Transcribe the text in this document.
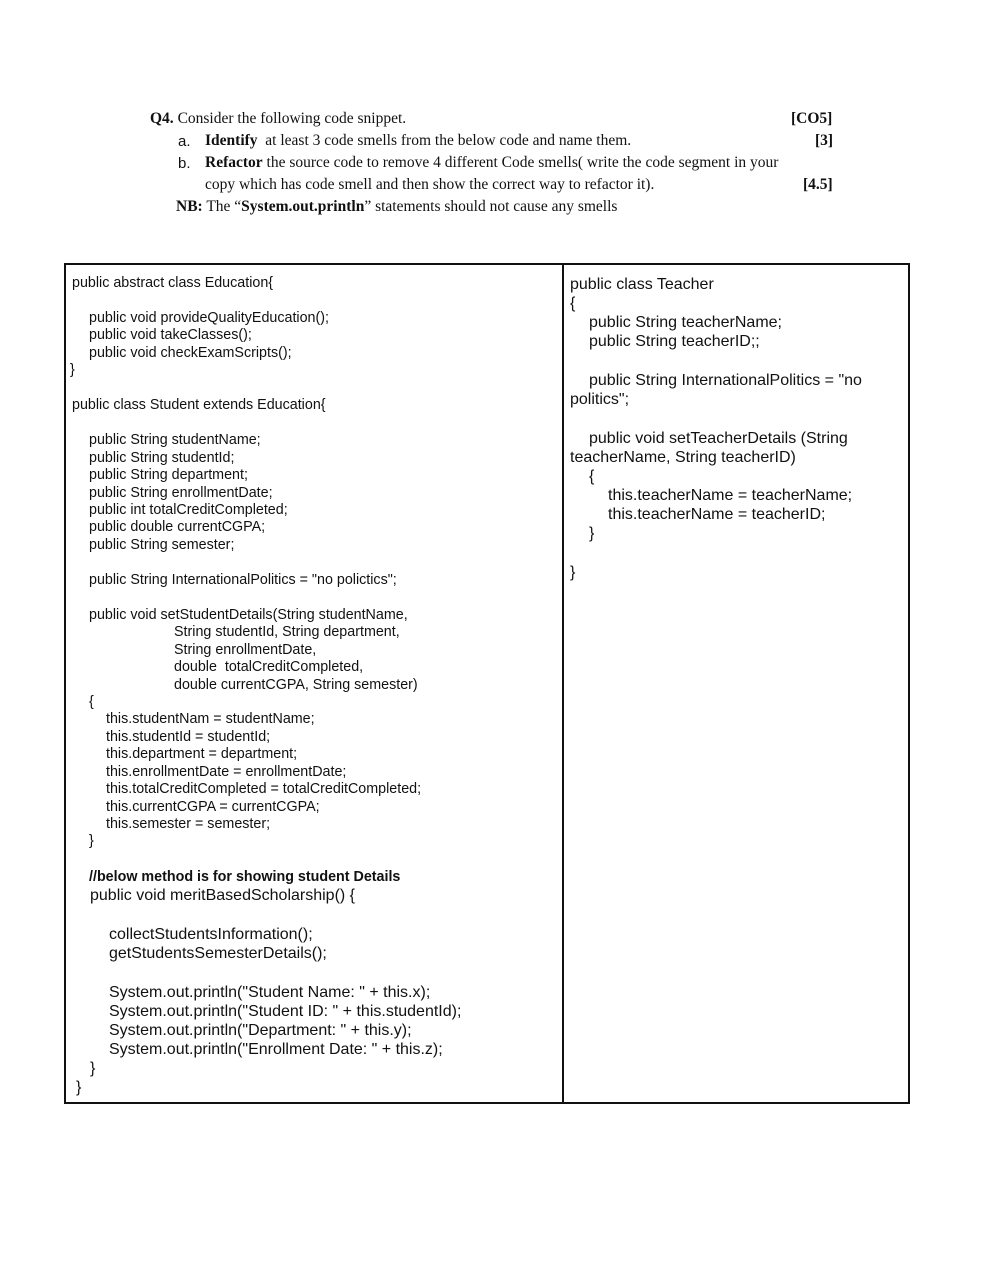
Q4. Consider the following code snippet.	[CO5]
a. Identify at least 3 code smells from the below code and name them.	[3]
b. Refactor the source code to remove 4 different Code smells( write the code segment in your
copy which has code smell and then show the correct way to refactor it).	[4.5]
NB: The “System.out.println” statements should not cause any smells
public abstract class Education{
public void provideQualityEducation();
public void takeClasses();
public void checkExamScripts();
}
public class Student extends Education{
public String studentName;
public String studentId;
public String department;
public String enrollmentDate;
public int totalCreditCompleted;
public double currentCGPA;
public String semester;
public String InternationalPolitics = "no polictics";
public void setStudentDetails(String studentName,
String studentId, String department,
String enrollmentDate,
double  totalCreditCompleted,
double currentCGPA, String semester)
{
this.studentNam = studentName;
this.studentId = studentId;
this.department = department;
this.enrollmentDate = enrollmentDate;
this.totalCreditCompleted = totalCreditCompleted;
this.currentCGPA = currentCGPA;
this.semester = semester;
}
//below method is for showing student Details
public void meritBasedScholarship() {
collectStudentsInformation();
getStudentsSemesterDetails();
System.out.println("Student Name: " + this.x);
System.out.println("Student ID: " + this.studentId);
System.out.println("Department: " + this.y);
System.out.println("Enrollment Date: " + this.z);
}
}
public class Teacher
{
public String teacherName;
public String teacherID;;
public String InternationalPolitics = "no
politics";
public void setTeacherDetails (String
teacherName, String teacherID)
{
this.teacherName = teacherName;
this.teacherName = teacherID;
}
}
